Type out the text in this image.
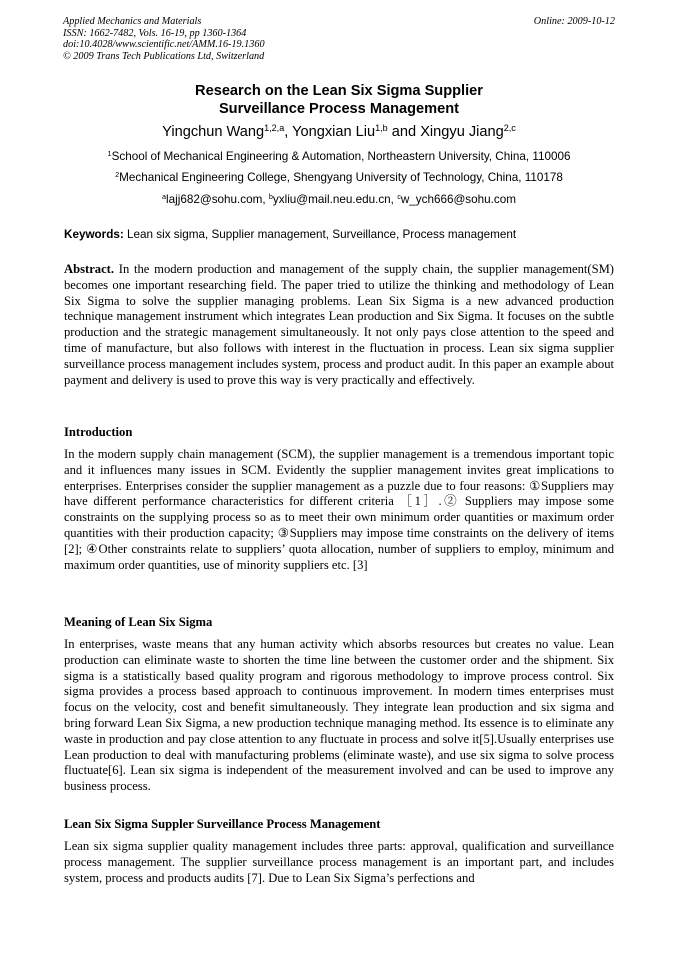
Applied Mechanics and Materials
ISSN: 1662-7482, Vols. 16-19, pp 1360-1364
doi:10.4028/www.scientific.net/AMM.16-19.1360
© 2009 Trans Tech Publications Ltd, Switzerland
Online: 2009-10-12
Research on the Lean Six Sigma Supplier
Surveillance Process Management
Yingchun Wang$^{1,2,a}$, Yongxian Liu$^{1,b}$ and Xingyu Jiang$^{2,c}$
$^1$School of Mechanical Engineering & Automation, Northeastern University, China, 110006
$^2$Mechanical Engineering College, Shengyang University of Technology, China, 110178
$^a$lajj682@sohu.com, $^b$yxliu@mail.neu.edu.cn, $^c$w_ych666@sohu.com
Keywords: Lean six sigma, Supplier management, Surveillance, Process management
Abstract. In the modern production and management of the supply chain, the supplier management(SM) becomes one important researching field. The paper tried to utilize the thinking and methodology of Lean Six Sigma to solve the supplier managing problems. Lean Six Sigma is a new advanced production technique management instrument which integrates Lean production and Six Sigma. It focuses on the subtle production and the strategic management simultaneously. It not only pays close attention to the speed and time of manufacture, but also follows with interest in the fluctuation in process. Lean six sigma supplier surveillance process management includes system, process and product audit. In this paper an example about payment and delivery is used to prove this way is very practically and effectively.
Introduction
In the modern supply chain management (SCM), the supplier management is a tremendous important topic and it influences many issues in SCM. Evidently the supplier management invites great implications to enterprises. Enterprises consider the supplier management as a puzzle due to four reasons: ①Suppliers may have different performance characteristics for different criteria ［1］.② Suppliers may impose some constraints on the supplying process so as to meet their own minimum order quantities or maximum order quantities with their production capacity; ③Suppliers may impose time constraints on the delivery of items [2]; ④Other constraints relate to suppliers’ quota allocation, number of suppliers to employ, minimum and maximum order quantities, use of minority suppliers etc. [3]
Meaning of Lean Six Sigma
In enterprises, waste means that any human activity which absorbs resources but creates no value. Lean production can eliminate waste to shorten the time line between the customer order and the shipment. Six sigma is a statistically based quality program and rigorous methodology to improve process control. Six sigma provides a process based approach to continuous improvement. In modern times enterprises must focus on the velocity, cost and benefit simultaneously. They integrate lean production and six sigma and bring forward Lean Six Sigma, a new production technique managing method. Its essence is to eliminate any waste in production and pay close attention to any fluctuate in process and solve it[5].Usually enterprises use Lean production to deal with manufacturing problems (eliminate waste), and use six sigma to solve process fluctuate[6]. Lean six sigma is independent of the measurement involved and can be used to improve any business process.
Lean Six Sigma Suppler Surveillance Process Management
Lean six sigma supplier quality management includes three parts: approval, qualification and surveillance process management. The supplier surveillance process management is an important part, and includes system, process and products audits [7]. Due to Lean Six Sigma’s perfections and
